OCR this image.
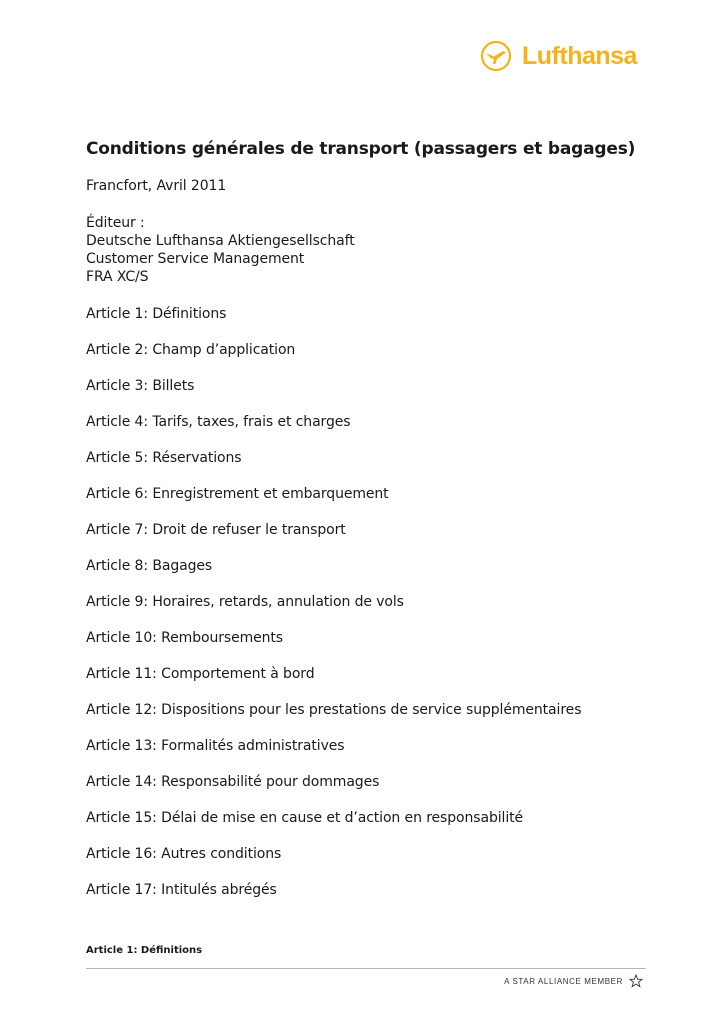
Lufthansa
Conditions générales de transport (passagers et bagages)

Francfort, Avril 2011

Éditeur :

Deutsche Lufthansa Aktiengesellschaft

Customer Service Management

FRA XC/S

Article 1: Définitions

Article 2: Champ d’application

Article 3: Billets

Article 4: Tarifs, taxes, frais et charges

Article 5: Réservations

Article 6: Enregistrement et embarquement

Article 7: Droit de refuser le transport

Article 8: Bagages

Article 9: Horaires, retards, annulation de vols

Article 10: Remboursements

Article 11: Comportement à bord

Article 12: Dispositions pour les prestations de service supplémentaires

Article 13: Formalités administratives

Article 14: Responsabilité pour dommages

Article 15: Délai de mise en cause et d’action en responsabilité

Article 16: Autres conditions

Article 17: Intitulés abrégés

Article 1: Définitions

A STAR ALLIANCE MEMBER
